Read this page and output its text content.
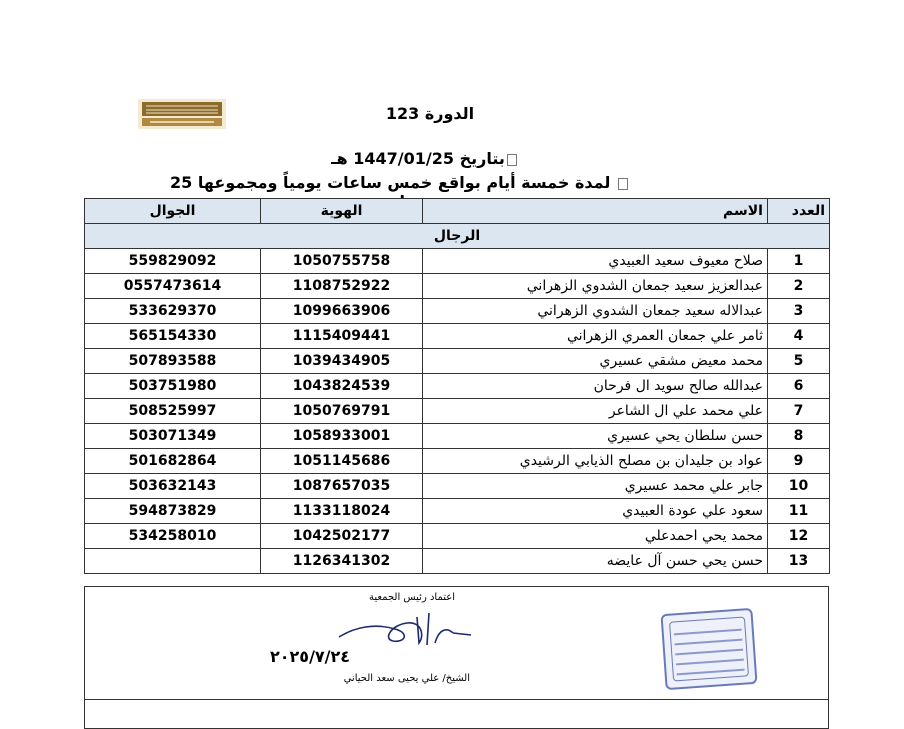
الدورة 123
بتاريخ 1447/01/25 هـ
لمدة خمسة أيام بواقع خمس ساعات يومياً ومجموعها 25
الجوال	الهوية	الاسم	العدد
الرجال			
559829092	1050755758	صلاح معيوف سعيد العبيدي	1
0557473614	1108752922	عبدالعزيز سعيد جمعان الشدوي الزهراني	2
533629370	1099663906	عبدالاله سعيد جمعان الشدوي الزهراني	3
565154330	1115409441	ثامر علي جمعان العمري الزهراني	4
507893588	1039434905	محمد معيض مشقي عسيري	5
503751980	1043824539	عبدالله صالح سويد ال فرحان	6
508525997	1050769791	علي محمد علي ال الشاعر	7
503071349	1058933001	حسن سلطان يحي عسيري	8
501682864	1051145686	عواد بن جليدان بن مصلح الذيابي الرشيدي	9
503632143	1087657035	جابر علي محمد عسيري	10
594873829	1133118024	سعود علي عودة العبيدي	11
534258010	1042502177	محمد يحي احمدعلي	12
	1126341302	حسن يحي حسن آل عايضه	13
اعتماد رئيس الجمعية
٢٠٢٥/٧/٢٤
الشيخ/ علي يحيى سعد الحياني
